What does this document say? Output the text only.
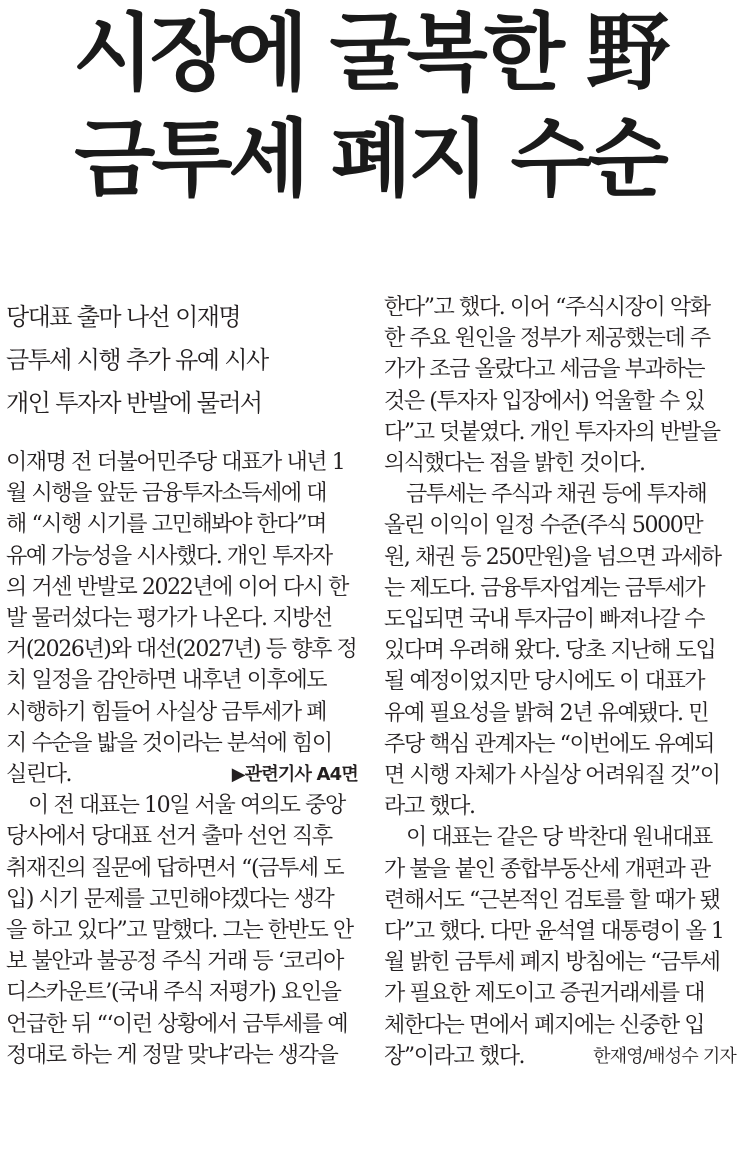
시장에 굴복한 野
금투세 폐지 수순
당대표 출마 나선 이재명
금투세 시행 추가 유예 시사
개인 투자자 반발에 물러서
이재명 전 더불어민주당 대표가 내년 1
월 시행을 앞둔 금융투자소득세에 대
해 “시행 시기를 고민해봐야 한다”며
유예 가능성을 시사했다. 개인 투자자
의 거센 반발로 2022년에 이어 다시 한
발 물러섰다는 평가가 나온다. 지방선
거(2026년)와 대선(2027년) 등 향후 정
치 일정을 감안하면 내후년 이후에도
시행하기 힘들어 사실상 금투세가 폐
지 수순을 밟을 것이라는 분석에 힘이
실린다.	▶관련기사 A4면
이 전 대표는 10일 서울 여의도 중앙
당사에서 당대표 선거 출마 선언 직후
취재진의 질문에 답하면서 “(금투세 도
입) 시기 문제를 고민해야겠다는 생각
을 하고 있다”고 말했다. 그는 한반도 안
보 불안과 불공정 주식 거래 등 ‘코리아
디스카운트’(국내 주식 저평가) 요인을
언급한 뒤 “‘이런 상황에서 금투세를 예
정대로 하는 게 정말 맞냐’라는 생각을
한다”고 했다. 이어 “주식시장이 악화
한 주요 원인을 정부가 제공했는데 주
가가 조금 올랐다고 세금을 부과하는
것은 (투자자 입장에서) 억울할 수 있
다”고 덧붙였다. 개인 투자자의 반발을
의식했다는 점을 밝힌 것이다.
금투세는 주식과 채권 등에 투자해
올린 이익이 일정 수준(주식 5000만
원, 채권 등 250만원)을 넘으면 과세하
는 제도다. 금융투자업계는 금투세가
도입되면 국내 투자금이 빠져나갈 수
있다며 우려해 왔다. 당초 지난해 도입
될 예정이었지만 당시에도 이 대표가
유예 필요성을 밝혀 2년 유예됐다. 민
주당 핵심 관계자는 “이번에도 유예되
면 시행 자체가 사실상 어려워질 것”이
라고 했다.
이 대표는 같은 당 박찬대 원내대표
가 불을 붙인 종합부동산세 개편과 관
련해서도 “근본적인 검토를 할 때가 됐
다”고 했다. 다만 윤석열 대통령이 올 1
월 밝힌 금투세 폐지 방침에는 “금투세
가 필요한 제도이고 증권거래세를 대
체한다는 면에서 폐지에는 신중한 입
장”이라고 했다.	한재영/배성수 기자
